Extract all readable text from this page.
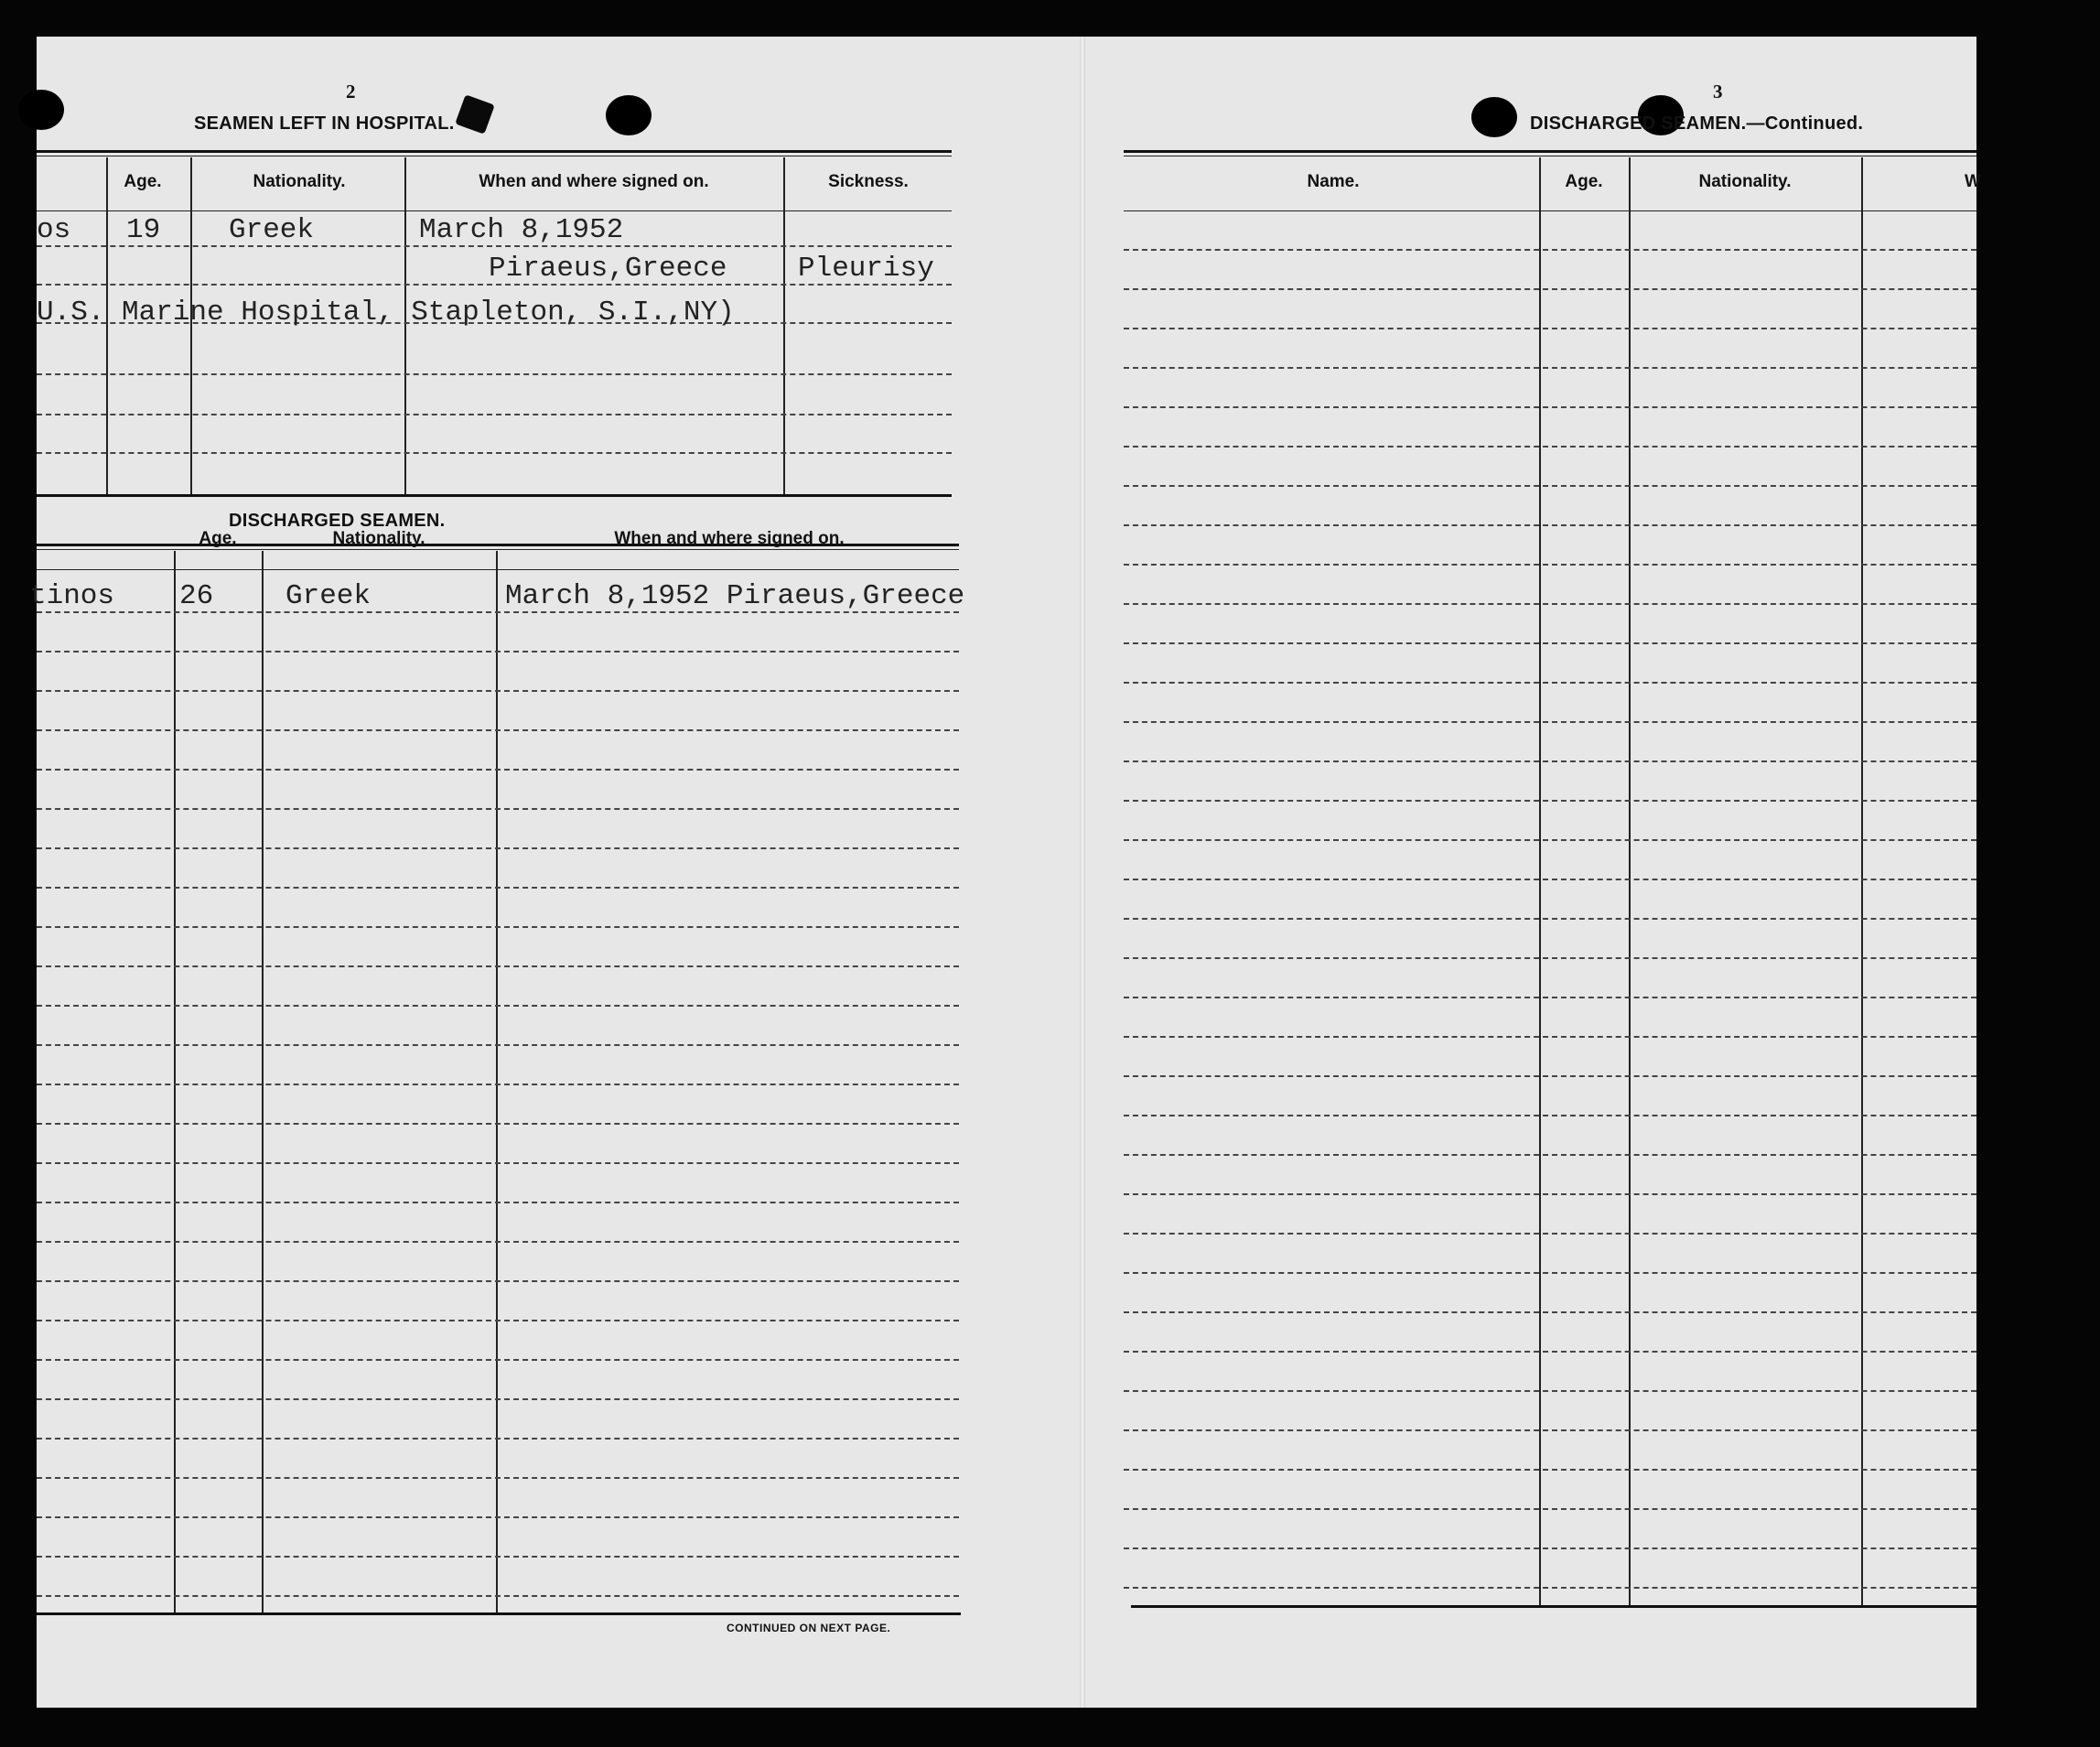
2
SEAMEN LEFT IN HOSPITAL.
Age.	Nationality.	When and where signed on.	Sickness.
os 19 Greek	March 8,1952
Piraeus,Greece	Pleurisy
U.S. Marine Hospital, Stapleton, S.I.,NY)
DISCHARGED SEAMEN.
Age.	Nationality.	When and where signed on.
tinos 26	Greek	March 8,1952 Piraeus,Greece
CONTINUED ON NEXT PAGE.
3
DISCHARGED SEAMEN.—Continued.
Name.	Age.	Nationality.	W
